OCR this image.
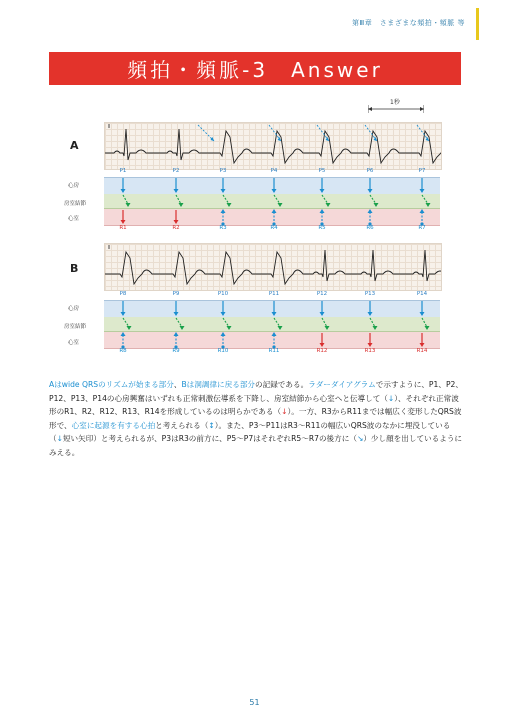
第Ⅲ章　さまざまな頻拍・頻脈 等
頻拍・頻脈-3　Answer
1秒
A
Ⅱ
心房
房室結節
心室
P1
R1
P2
R2
P3
R3
P4
R4
P5
R5
P6
R6
P7
R7
B
Ⅱ
心房
房室結節
心室
P8
R8
P9
R9
P10
R10
P11
R11
P12
R12
P13
R13
P14
R14
Aはwide QRSのリズムが始まる部分、Bは洞調律に戻る部分の記録である。ラダーダイアグラムで示すように、P1、P2、P12、P13、P14の心房興奮はいずれも正常刺激伝導系を下降し、房室結節から心室へと伝導して（↓）、それぞれ正常波形のR1、R2、R12、R13、R14を形成しているのは明らかである（↓）。一方、R3からR11までは幅広く変形したQRS波形で、心室に起源を有する心拍と考えられる（↕）。また、P3〜P11はR3〜R11の幅広いQRS波のなかに埋没している（↓短い矢印）と考えられるが、P3はR3の前方に、P5〜P7はそれぞれR5〜R7の後方に（↘）少し顔を出しているようにみえる。
51
